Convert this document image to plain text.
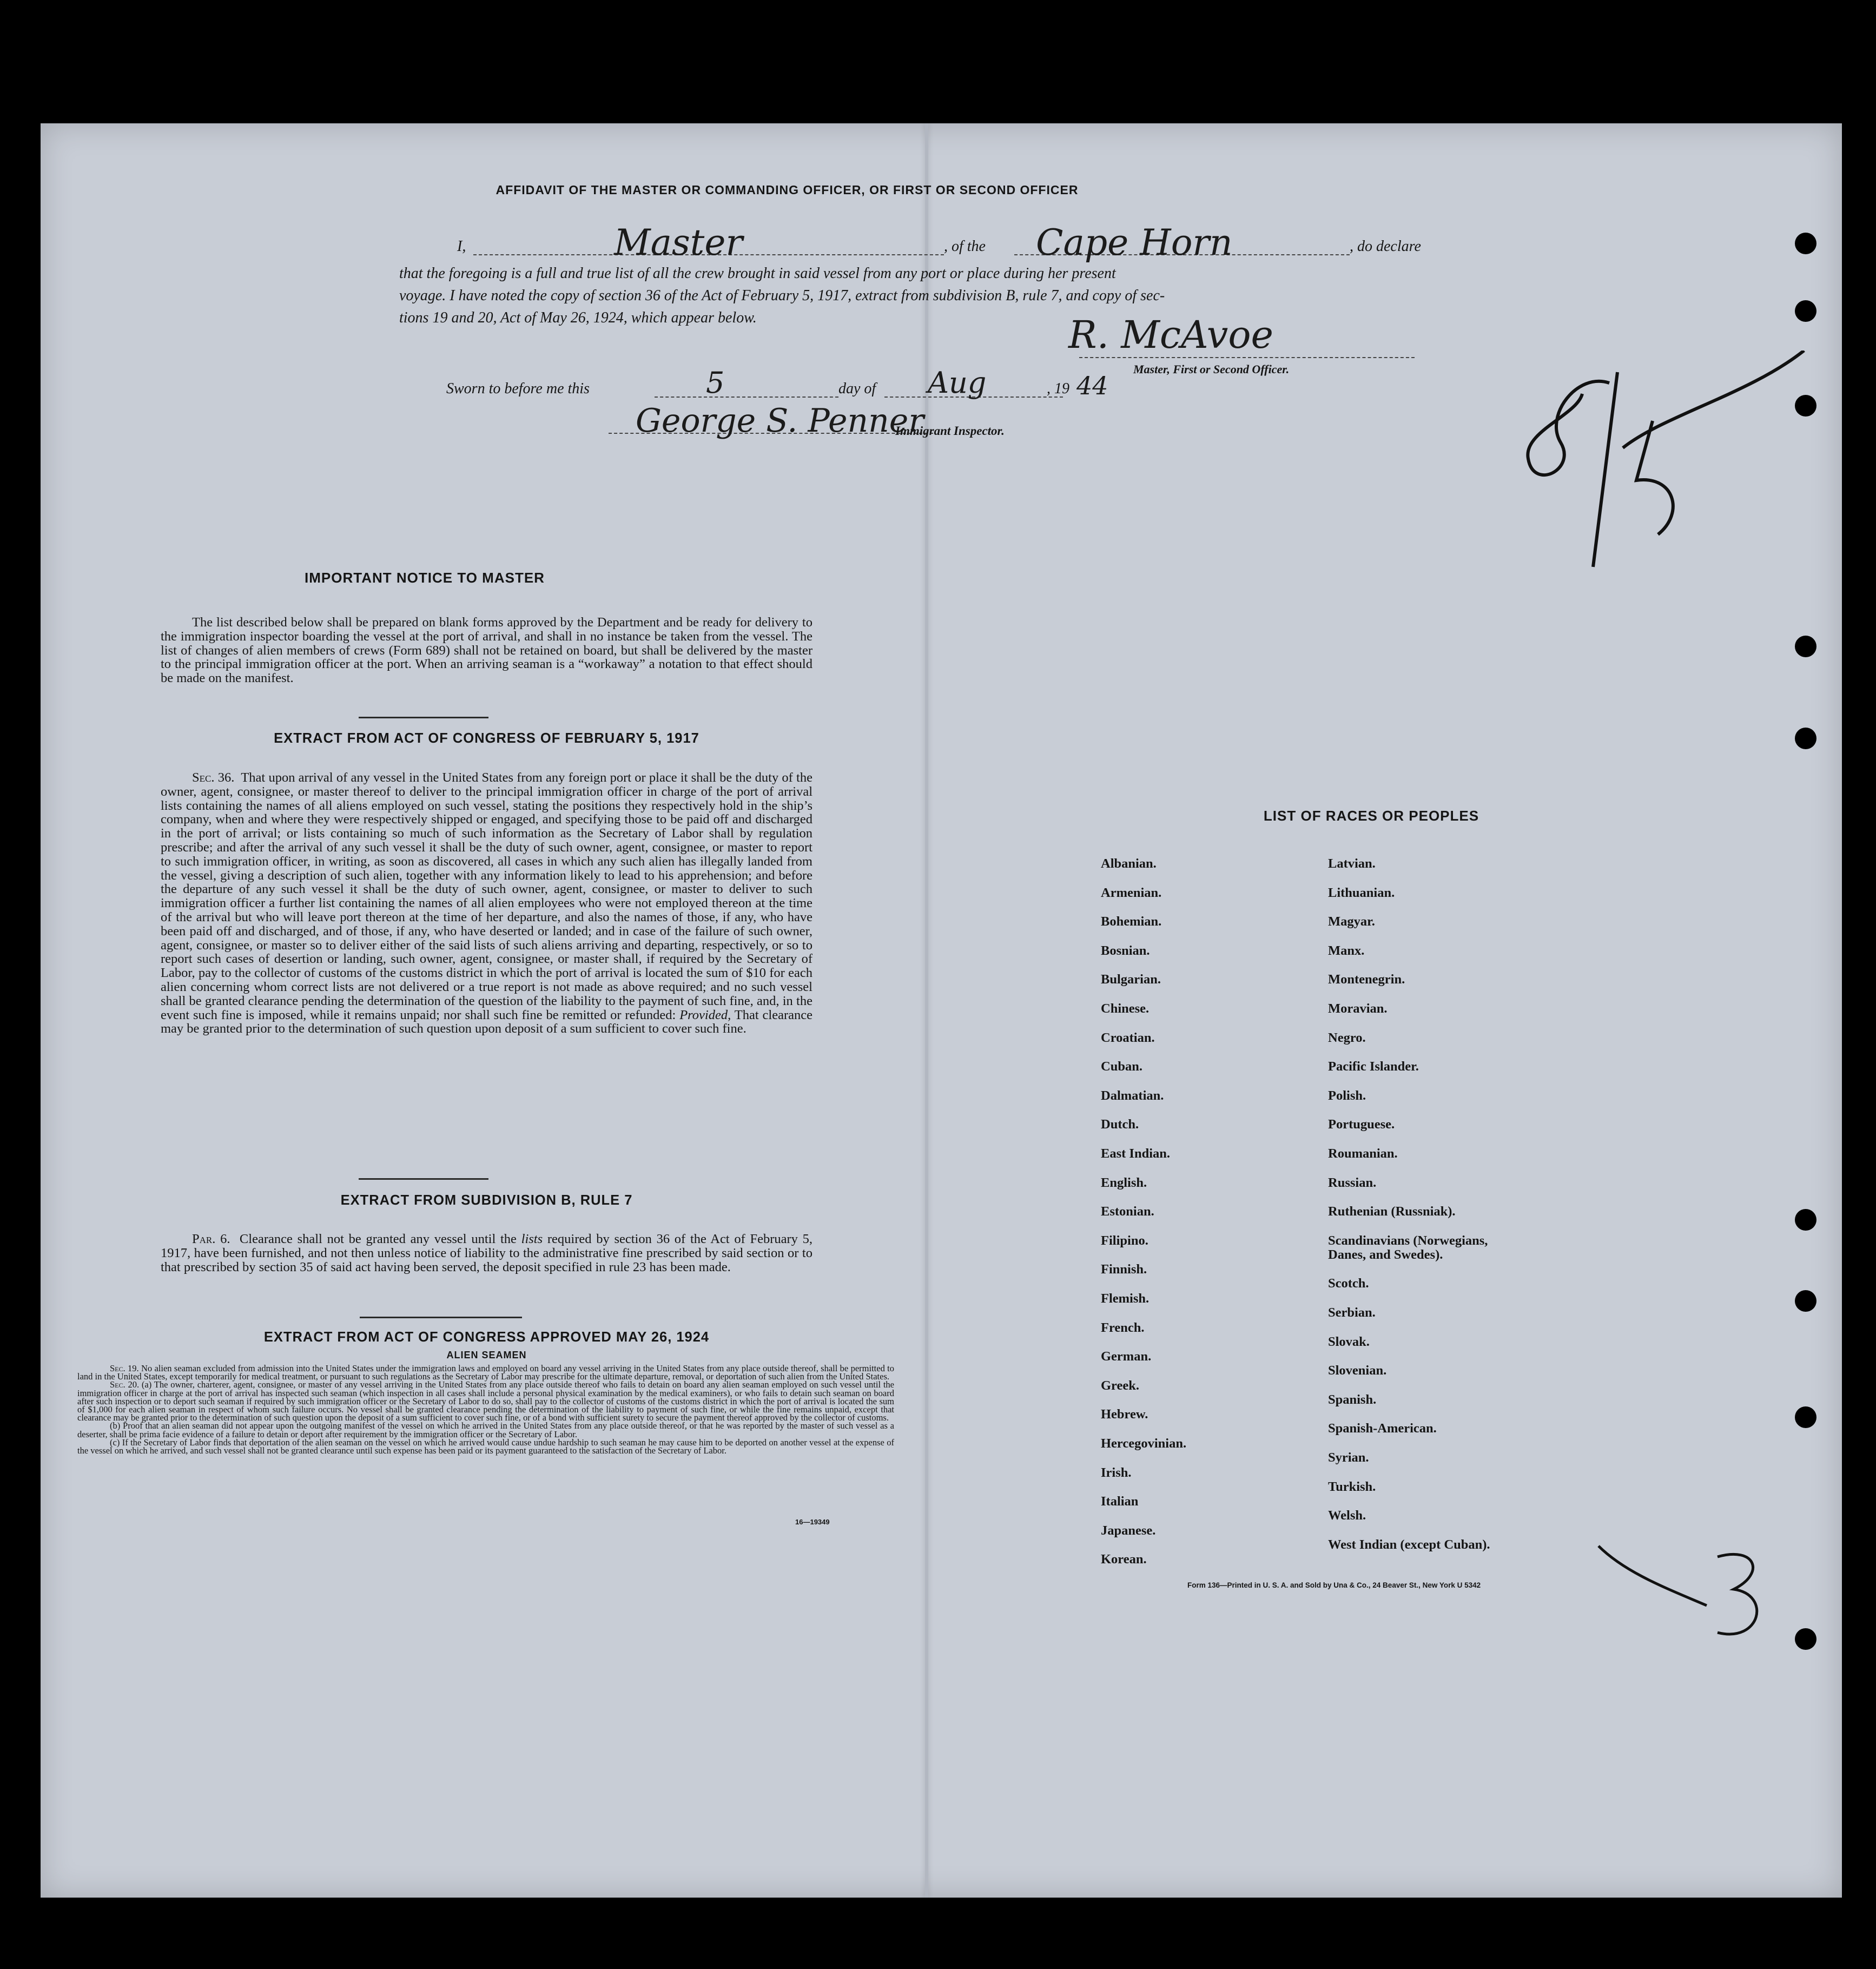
AFFIDAVIT OF THE MASTER OR COMMANDING OFFICER, OR FIRST OR SECOND OFFICER
I,	Master	, of the Cape Horn	, do declare
that the foregoing is a full and true list of all the crew brought in said vessel from any port or place during her present
voyage. I have noted the copy of section 36 of the Act of February 5, 1917, extract from subdivision B, rule 7, and copy of sec-
tions 19 and 20, Act of May 26, 1924, which appear below.	R. McAvoe
Master, First or Second Officer.
Sworn to before me this	5	day of Aug	, 19 44
George S. Penner
Immigrant Inspector.
IMPORTANT NOTICE TO MASTER
The list described below shall be prepared on blank forms approved by the Department and be ready for delivery to the immigration inspector boarding the vessel at the port of arrival, and shall in no instance be taken from the vessel. The list of changes of alien members of crews (Form 689) shall not be retained on board, but shall be delivered by the master to the principal immigration officer at the port. When an arriving seaman is a “workaway” a notation to that effect should be made on the manifest.
EXTRACT FROM ACT OF CONGRESS OF FEBRUARY 5, 1917
Sec. 36. That upon arrival of any vessel in the United States from any foreign port or place it shall be the duty of the owner, agent, consignee, or master thereof to deliver to the principal immigration officer in charge of the port of arrival lists containing the names of all aliens employed on such vessel, stating the positions they respectively hold in the ship’s company, when and where they were respectively shipped or engaged, and specifying those to be paid off and discharged in the port of arrival; or lists containing so much of such information as the Secretary of Labor shall by regulation prescribe; and after the arrival of any such vessel it shall be the duty of such owner, agent, consignee, or master to report to such immigration officer, in writing, as soon as discovered, all cases in which any such alien has illegally landed from the vessel, giving a description of such alien, together with any information likely to lead to his apprehension; and before the departure of any such vessel it shall be the duty of such owner, agent, consignee, or master to deliver to such immigration officer a further list containing the names of all alien employees who were not employed thereon at the time of the arrival but who will leave port thereon at the time of her departure, and also the names of those, if any, who have been paid off and discharged, and of those, if any, who have deserted or landed; and in case of the failure of such owner, agent, consignee, or master so to deliver either of the said lists of such aliens arriving and departing, respectively, or so to report such cases of desertion or landing, such owner, agent, consignee, or master shall, if required by the Secretary of Labor, pay to the collector of customs of the customs district in which the port of arrival is located the sum of $10 for each alien concerning whom correct lists are not delivered or a true report is not made as above required; and no such vessel shall be granted clearance pending the determination of the question of the liability to the payment of such fine, and, in the event such fine is imposed, while it remains unpaid; nor shall such fine be remitted or refunded: Provided, That clearance may be granted prior to the determination of such question upon deposit of a sum sufficient to cover such fine.
EXTRACT FROM SUBDIVISION B, RULE 7
Par. 6. Clearance shall not be granted any vessel until the lists required by section 36 of the Act of February 5, 1917, have been furnished, and not then unless notice of liability to the administrative fine prescribed by said section or to that prescribed by section 35 of said act having been served, the deposit specified in rule 23 has been made.
EXTRACT FROM ACT OF CONGRESS APPROVED MAY 26, 1924
ALIEN SEAMEN
Sec. 19. No alien seaman excluded from admission into the United States under the immigration laws and employed on board any vessel arriving in the United States from any place outside thereof, shall be permitted to land in the United States, except temporarily for medical treatment, or pursuant to such regulations as the Secretary of Labor may prescribe for the ultimate departure, removal, or deportation of such alien from the United States.
Sec. 20. (a) The owner, charterer, agent, consignee, or master of any vessel arriving in the United States from any place outside thereof who fails to detain on board any alien seaman employed on such vessel until the immigration officer in charge at the port of arrival has inspected such seaman (which inspection in all cases shall include a personal physical examination by the medical examiners), or who fails to detain such seaman on board after such inspection or to deport such seaman if required by such immigration officer or the Secretary of Labor to do so, shall pay to the collector of customs of the customs district in which the port of arrival is located the sum of $1,000 for each alien seaman in respect of whom such failure occurs. No vessel shall be granted clearance pending the determination of the liability to payment of such fine, or while the fine remains unpaid, except that clearance may be granted prior to the determination of such question upon the deposit of a sum sufficient to cover such fine, or of a bond with sufficient surety to secure the payment thereof approved by the collector of customs.
(b) Proof that an alien seaman did not appear upon the outgoing manifest of the vessel on which he arrived in the United States from any place outside thereof, or that he was reported by the master of such vessel as a deserter, shall be prima facie evidence of a failure to detain or deport after requirement by the immigration officer or the Secretary of Labor.
(c) If the Secretary of Labor finds that deportation of the alien seaman on the vessel on which he arrived would cause undue hardship to such seaman he may cause him to be deported on another vessel at the expense of the vessel on which he arrived, and such vessel shall not be granted clearance until such expense has been paid or its payment guaranteed to the satisfaction of the Secretary of Labor.
16—19349
LIST OF RACES OR PEOPLES
Albanian.
Armenian.
Bohemian.
Bosnian.
Bulgarian.
Chinese.
Croatian.
Cuban.
Dalmatian.
Dutch.
East Indian.
English.
Estonian.
Filipino.
Finnish.
Flemish.
French.
German.
Greek.
Hebrew.
Hercegovinian.
Irish.
Italian
Japanese.
Korean.
Latvian.
Lithuanian.
Magyar.
Manx.
Montenegrin.
Moravian.
Negro.
Pacific Islander.
Polish.
Portuguese.
Roumanian.
Russian.
Ruthenian (Russniak).
Scandinavians (Norwegians,
Danes, and Swedes).
Scotch.
Serbian.
Slovak.
Slovenian.
Spanish.
Spanish-American.
Syrian.
Turkish.
Welsh.
West Indian (except Cuban).
Form 136—Printed in U. S. A. and Sold by Una & Co., 24 Beaver St., New York U 5342
815
3
